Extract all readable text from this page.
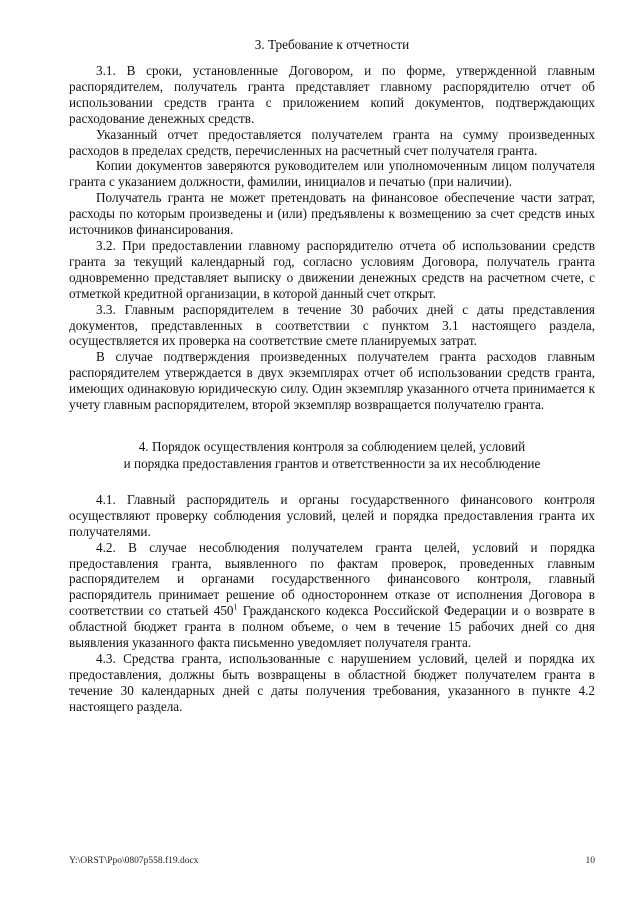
3. Требование к отчетности

3.1. В сроки, установленные Договором, и по форме, утвержденной главным распорядителем, получатель гранта представляет главному распорядителю отчет об использовании средств гранта с приложением копий документов, подтверждающих расходование денежных средств.

Указанный отчет предоставляется получателем гранта на сумму произведенных расходов в пределах средств, перечисленных на расчетный счет получателя гранта.

Копии документов заверяются руководителем или уполномоченным лицом получателя гранта с указанием должности, фамилии, инициалов и печатью (при наличии).

Получатель гранта не может претендовать на финансовое обеспечение части затрат, расходы по которым произведены и (или) предъявлены к возмещению за счет средств иных источников финансирования.

3.2. При предоставлении главному распорядителю отчета об использовании средств гранта за текущий календарный год, согласно условиям Договора, получатель гранта одновременно представляет выписку о движении денежных средств на расчетном счете, с отметкой кредитной организации, в которой данный счет открыт.

3.3. Главным распорядителем в течение 30 рабочих дней с даты представления документов, представленных в соответствии с пунктом 3.1 настоящего раздела, осуществляется их проверка на соответствие смете планируемых затрат.

В случае подтверждения произведенных получателем гранта расходов главным распорядителем утверждается в двух экземплярах отчет об использовании средств гранта, имеющих одинаковую юридическую силу. Один экземпляр указанного отчета принимается к учету главным распорядителем, второй экземпляр возвращается получателю гранта.

4. Порядок осуществления контроля за соблюдением целей, условий

и порядка предоставления грантов и ответственности за их несоблюдение

4.1. Главный распорядитель и органы государственного финансового контроля осуществляют проверку соблюдения условий, целей и порядка предоставления гранта их получателями.

4.2. В случае несоблюдения получателем гранта целей, условий и порядка предоставления гранта, выявленного по фактам проверок, проведенных главным распорядителем и органами государственного финансового контроля, главный распорядитель принимает решение об одностороннем отказе от исполнения Договора в соответствии со статьей $450^1$ Гражданского кодекса Российской Федерации и о возврате в областной бюджет гранта в полном объеме, о чем в течение 15 рабочих дней со дня выявления указанного факта письменно уведомляет получателя гранта.

4.3. Средства гранта, использованные с нарушением условий, целей и порядка их предоставления, должны быть возвращены в областной бюджет получателем гранта в течение 30 календарных дней с даты получения требования, указанного в пункте 4.2 настоящего раздела.

Y:\ORST\Ppo\0807p558.f19.docx	10
